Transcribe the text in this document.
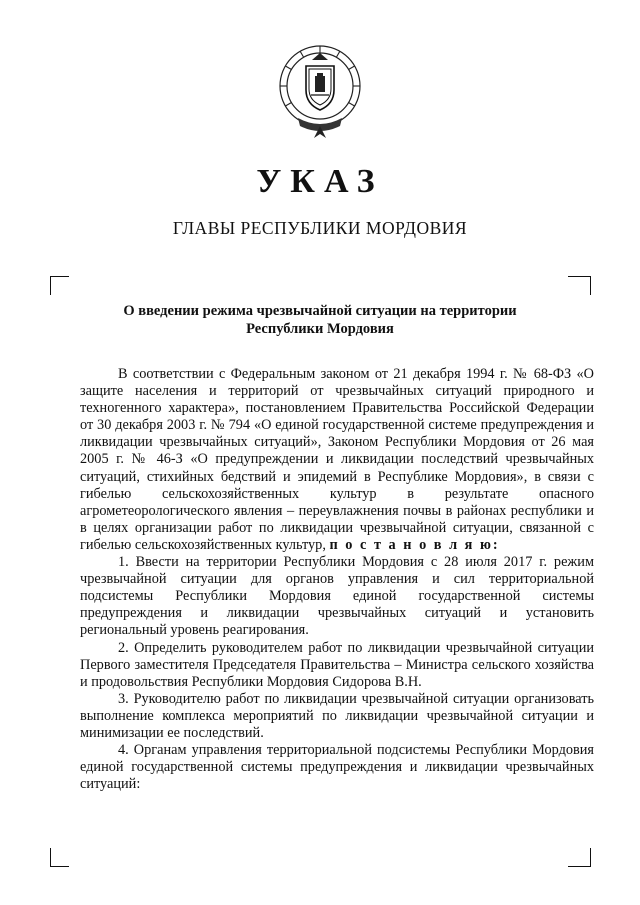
УКАЗ
ГЛАВЫ РЕСПУБЛИКИ МОРДОВИЯ
О введении режима чрезвычайной ситуации на территории
Республики Мордовия

В соответствии с Федеральным законом от 21 декабря 1994 г. № 68-ФЗ «О защите населения и территорий от чрезвычайных ситуаций природного и техногенного характера», постановлением Правительства Российской Федерации от 30 декабря 2003 г. № 794 «О единой государственной системе предупреждения и ликвидации чрезвычайных ситуаций», Законом Республики Мордовия от 26 мая 2005 г. № 46-З «О предупреждении и ликвидации последствий чрезвычайных ситуаций, стихийных бедствий и эпидемий в Республике Мордовия», в связи с гибелью сельскохозяйственных культур в результате опасного агрометеорологического явления – переувлажнения почвы в районах республики и в целях организации работ по ликвидации чрезвычайной ситуации, связанной с гибелью сельскохозяйственных культур, п о с т а н о в л я ю:

1. Ввести на территории Республики Мордовия с 28 июля 2017 г. режим чрезвычайной ситуации для органов управления и сил территориальной подсистемы Республики Мордовия единой государственной системы предупреждения и ликвидации чрезвычайных ситуаций и установить региональный уровень реагирования.

2. Определить руководителем работ по ликвидации чрезвычайной ситуации Первого заместителя Председателя Правительства – Министра сельского хозяйства и продовольствия Республики Мордовия Сидорова В.Н.

3. Руководителю работ по ликвидации чрезвычайной ситуации организовать выполнение комплекса мероприятий по ликвидации чрезвычайной ситуации и минимизации ее последствий.

4. Органам управления территориальной подсистемы Республики Мордовия единой государственной системы предупреждения и ликвидации чрезвычайных ситуаций:
